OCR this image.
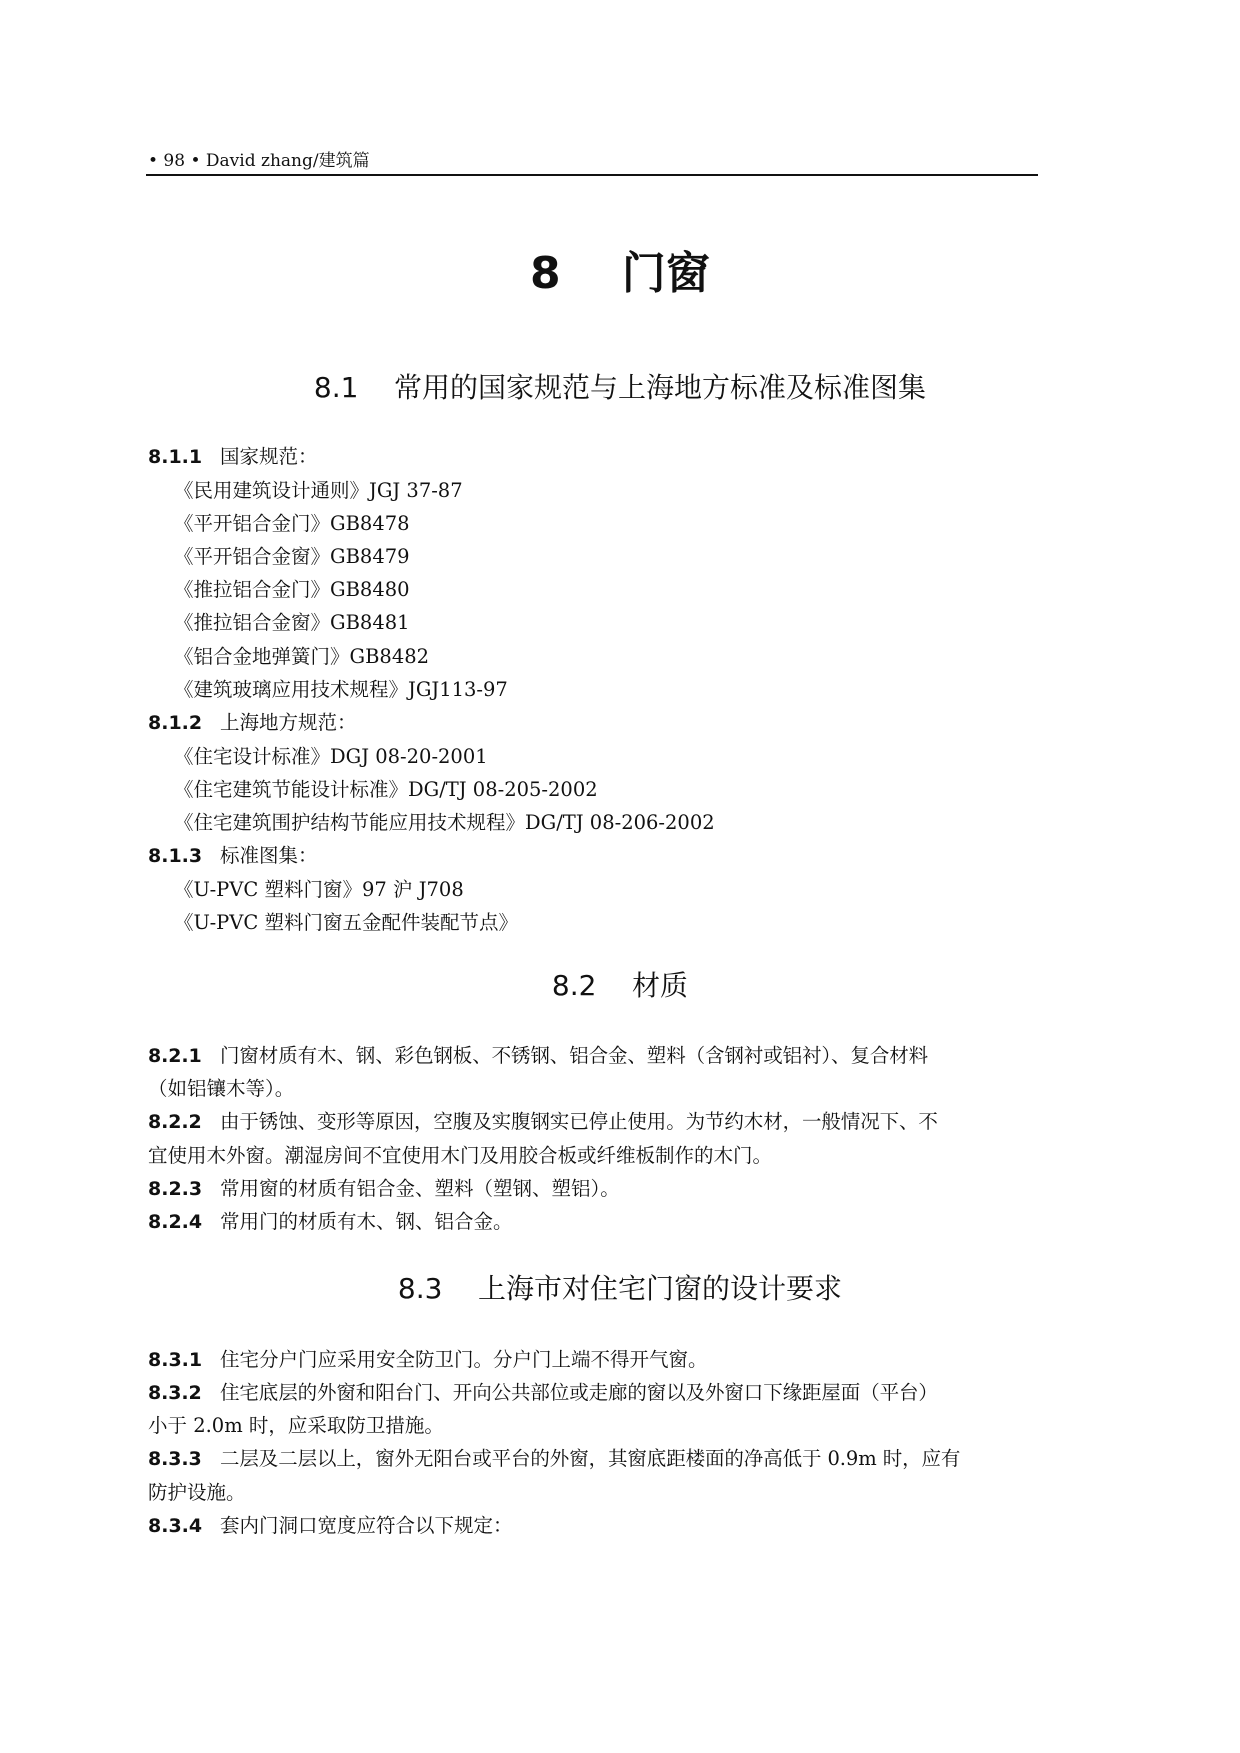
• 98 • David zhang/建筑篇
8    门窗
8.1    常用的国家规范与上海地方标准及标准图集
8.1.1 国家规范：
《民用建筑设计通则》JGJ 37-87
《平开铝合金门》GB8478
《平开铝合金窗》GB8479
《推拉铝合金门》GB8480
《推拉铝合金窗》GB8481
《铝合金地弹簧门》GB8482
《建筑玻璃应用技术规程》JGJ113-97
8.1.2 上海地方规范：
《住宅设计标准》DGJ 08-20-2001
《住宅建筑节能设计标准》DG/TJ 08-205-2002
《住宅建筑围护结构节能应用技术规程》DG/TJ 08-206-2002
8.1.3 标准图集：
《U-PVC 塑料门窗》97 沪 J708
《U-PVC 塑料门窗五金配件装配节点》
8.2    材质
8.2.1 门窗材质有木、钢、彩色钢板、不锈钢、铝合金、塑料（含钢衬或铝衬）、复合材料
（如铝镶木等）。
8.2.2 由于锈蚀、变形等原因，空腹及实腹钢实已停止使用。为节约木材，一般情况下、不
宜使用木外窗。潮湿房间不宜使用木门及用胶合板或纤维板制作的木门。
8.2.3 常用窗的材质有铝合金、塑料（塑钢、塑铝）。
8.2.4 常用门的材质有木、钢、铝合金。
8.3    上海市对住宅门窗的设计要求
8.3.1 住宅分户门应采用安全防卫门。分户门上端不得开气窗。
8.3.2 住宅底层的外窗和阳台门、开向公共部位或走廊的窗以及外窗口下缘距屋面（平台）
小于 2.0m 时，应采取防卫措施。
8.3.3 二层及二层以上，窗外无阳台或平台的外窗，其窗底距楼面的净高低于 0.9m 时，应有
防护设施。
8.3.4 套内门洞口宽度应符合以下规定：
